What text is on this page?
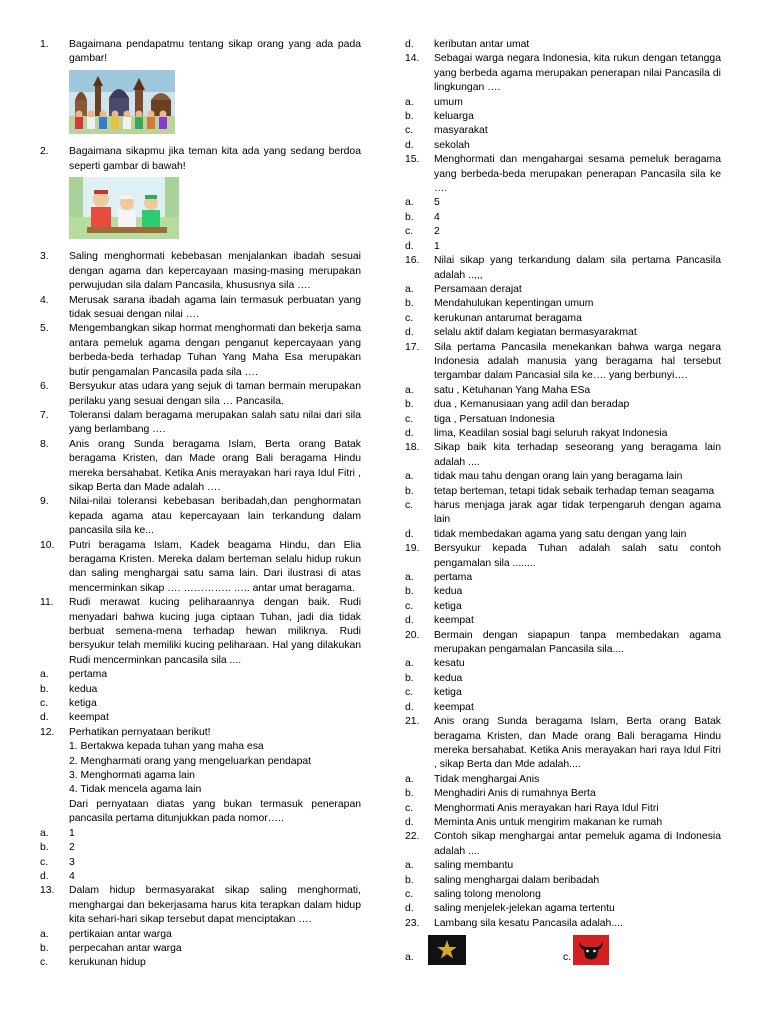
1.	Bagaimana pendapatmu tentang sikap orang yang ada pada gambar!
2.	Bagaimana sikapmu jika teman kita ada yang sedang berdoa seperti gambar di bawah!
3.	Saling menghormati kebebasan menjalankan ibadah sesuai dengan agama dan kepercayaan masing-masing merupakan perwujudan sila dalam Pancasila, khususnya sila ….
4.	Merusak sarana ibadah agama lain termasuk perbuatan yang tidak sesuai dengan nilai ….
5.	Mengembangkan sikap hormat menghormati dan bekerja sama antara pemeluk agama dengan penganut kepercayaan yang berbeda-beda terhadap Tuhan Yang Maha Esa merupakan butir pengamalan Pancasila pada sila ….
6.	Bersyukur atas udara yang sejuk di taman bermain merupakan perilaku yang sesuai dengan sila … Pancasila.
7.	Toleransi dalam beragama merupakan salah satu nilai dari sila yang berlambang ….
8.	Anis orang Sunda beragama Islam, Berta orang Batak beragama Kristen, dan Made orang Bali beragama Hindu mereka bersahabat. Ketika Anis merayakan hari raya Idul Fitri , sikap Berta dan Made adalah ….
9.	Nilai-nilai toleransi kebebasan beribadah,dan penghormatan kepada agama atau kepercayaan lain terkandung dalam pancasila sila ke...
10.	Putri beragama Islam, Kadek beagama Hindu, dan Elia beragama Kristen. Mereka dalam berteman selalu hidup rukun dan saling menghargai satu sama lain. Dari ilustrasi di atas mencerminkan sikap …. ………….. ….. antar umat beragama.
11.	Rudi merawat kucing peliharaannya dengan baik. Rudi menyadari bahwa kucing juga ciptaan Tuhan, jadi dia tidak berbuat semena-mena terhadap hewan miliknya. Rudi bersyukur telah memiliki kucing peliharaan. Hal yang dilakukan Rudi mencerminkan pancasila sila ....
a.	pertama
b.	kedua
c.	ketiga
d.	keempat
12.	Perhatikan pernyataan berikut!
1. Bertakwa kepada tuhan yang maha esa
2. Mengharmati orang yang mengeluarkan pendapat
3. Menghormati agama lain
4. Tidak mencela agama lain
Dari pernyataan diatas yang bukan termasuk penerapan pancasila pertama ditunjukkan pada nomor…..
a.	1
b.	2
c.	3
d.	4
13.	Dalam hidup bermasyarakat sikap saling menghormati, menghargai dan bekerjasama harus kita terapkan dalam hidup kita sehari-hari sikap tersebut dapat menciptakan ….
a.	pertikaian antar warga
b.	perpecahan antar warga
c.	kerukunan hidup
d.	keributan antar umat
14.	Sebagai warga negara Indonesia, kita rukun dengan tetangga yang berbeda agama merupakan penerapan nilai Pancasila di lingkungan ….
a.	umum
b.	keluarga
c.	masyarakat
d.	sekolah
15.	Menghormati dan mengahargai sesama pemeluk beragama yang berbeda-beda merupakan penerapan Pancasila sila ke ….
a.	5
b.	4
c.	2
d.	1
16.	Nilai sikap yang terkandung dalam sila pertama Pancasila adalah ..,,,
a.	Persamaan derajat
b.	Mendahulukan kepentingan umum
c.	kerukunan antarumat beragama
d.	selalu aktif dalam kegiatan bermasyarakmat
17.	Sila pertama Pancasila menekankan bahwa warga negara Indonesia adalah manusia yang beragama hal tersebut tergambar dalam Pancasial sila ke…. yang berbunyi….
a.	satu , Ketuhanan Yang Maha ESa
b.	dua , Kemanusiaan yang adil dan beradap
c.	tiga , Persatuan Indonesia
d.	lima, Keadilan sosial bagi seluruh rakyat Indonesia
18.	Sikap baik kita terhadap seseorang yang beragama lain adalah ....
a.	tidak mau tahu dengan orang lain yang beragama lain
b.	tetap berteman, tetapi tidak sebaik terhadap teman seagama
c.	harus menjaga jarak agar tidak terpengaruh dengan agama lain
d.	tidak membedakan agama yang satu dengan yang lain
19.	Bersyukur kepada Tuhan adalah salah satu contoh pengamalan sila ........
a.	pertama
b.	kedua
c.	ketiga
d.	keempat
20.	Bermain dengan siapapun tanpa membedakan agama merupakan pengamalan Pancasila sila....
a.	kesatu
b.	kedua
c.	ketiga
d.	keempat
21.	Anis orang Sunda beragama Islam, Berta orang Batak beragama Kristen, dan Made orang Bali beragama Hindu mereka bersahabat. Ketika Anis merayakan hari raya Idul Fitri , sikap Berta dan Mde adalah....
a.	Tidak menghargai Anis
b.	Menghadiri Anis di rumahnya Berta
c.	Menghormati Anis merayakan hari Raya Idul Fitri
d.	Meminta Anis untuk mengirim makanan ke rumah
22.	Contoh sikap menghargai antar pemeluk agama di Indonesia adalah ....
a.	saling membantu
b.	saling menghargai dalam beribadah
c.	saling tolong menolong
d.	saling menjelek-jelekan agama tertentu
23.	Lambang sila kesatu Pancasila adalah....
a.	c.
